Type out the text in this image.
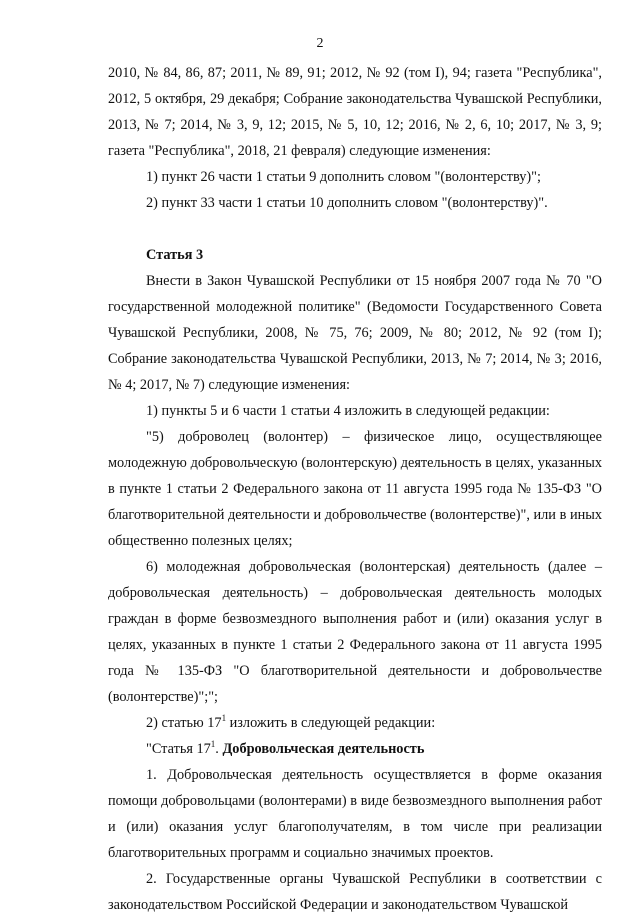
2

2010, № 84, 86, 87; 2011, № 89, 91; 2012, № 92 (том I), 94; газета "Республика", 2012, 5 октября, 29 декабря; Собрание законодательства Чувашской Республики, 2013, № 7; 2014, № 3, 9, 12; 2015, № 5, 10, 12; 2016, № 2, 6, 10; 2017, № 3, 9; газета "Республика", 2018, 21 февраля) следующие изменения:

1) пункт 26 части 1 статьи 9 дополнить словом "(волонтерству)";

2) пункт 33 части 1 статьи 10 дополнить словом "(волонтерству)".

Статья 3

Внести в Закон Чувашской Республики от 15 ноября 2007 года № 70 "О государственной молодежной политике" (Ведомости Государственного Совета Чувашской Республики, 2008, № 75, 76; 2009, № 80; 2012, № 92 (том I); Собрание законодательства Чувашской Республики, 2013, № 7; 2014, № 3; 2016, № 4; 2017, № 7) следующие изменения:

1) пункты 5 и 6 части 1 статьи 4 изложить в следующей редакции:

"5) доброволец (волонтер) – физическое лицо, осуществляющее молодежную добровольческую (волонтерскую) деятельность в целях, указанных в пункте 1 статьи 2 Федерального закона от 11 августа 1995 года № 135-ФЗ "О благотворительной деятельности и добровольчестве (волонтерстве)", или в иных общественно полезных целях;

6) молодежная добровольческая (волонтерская) деятельность (далее – добровольческая деятельность) – добровольческая деятельность молодых граждан в форме безвозмездного выполнения работ и (или) оказания услуг в целях, указанных в пункте 1 статьи 2 Федерального закона от 11 августа 1995 года № 135-ФЗ "О благотворительной деятельности и добровольчестве (волонтерстве)";";

2) статью $17^1$ изложить в следующей редакции:

"Статья $17^1$. Добровольческая деятельность

1. Добровольческая деятельность осуществляется в форме оказания помощи добровольцами (волонтерами) в виде безвозмездного выполнения работ и (или) оказания услуг благополучателям, в том числе при реализации благотворительных программ и социально значимых проектов.

2. Государственные органы Чувашской Республики в соответствии с законодательством Российской Федерации и законодательством Чувашской
